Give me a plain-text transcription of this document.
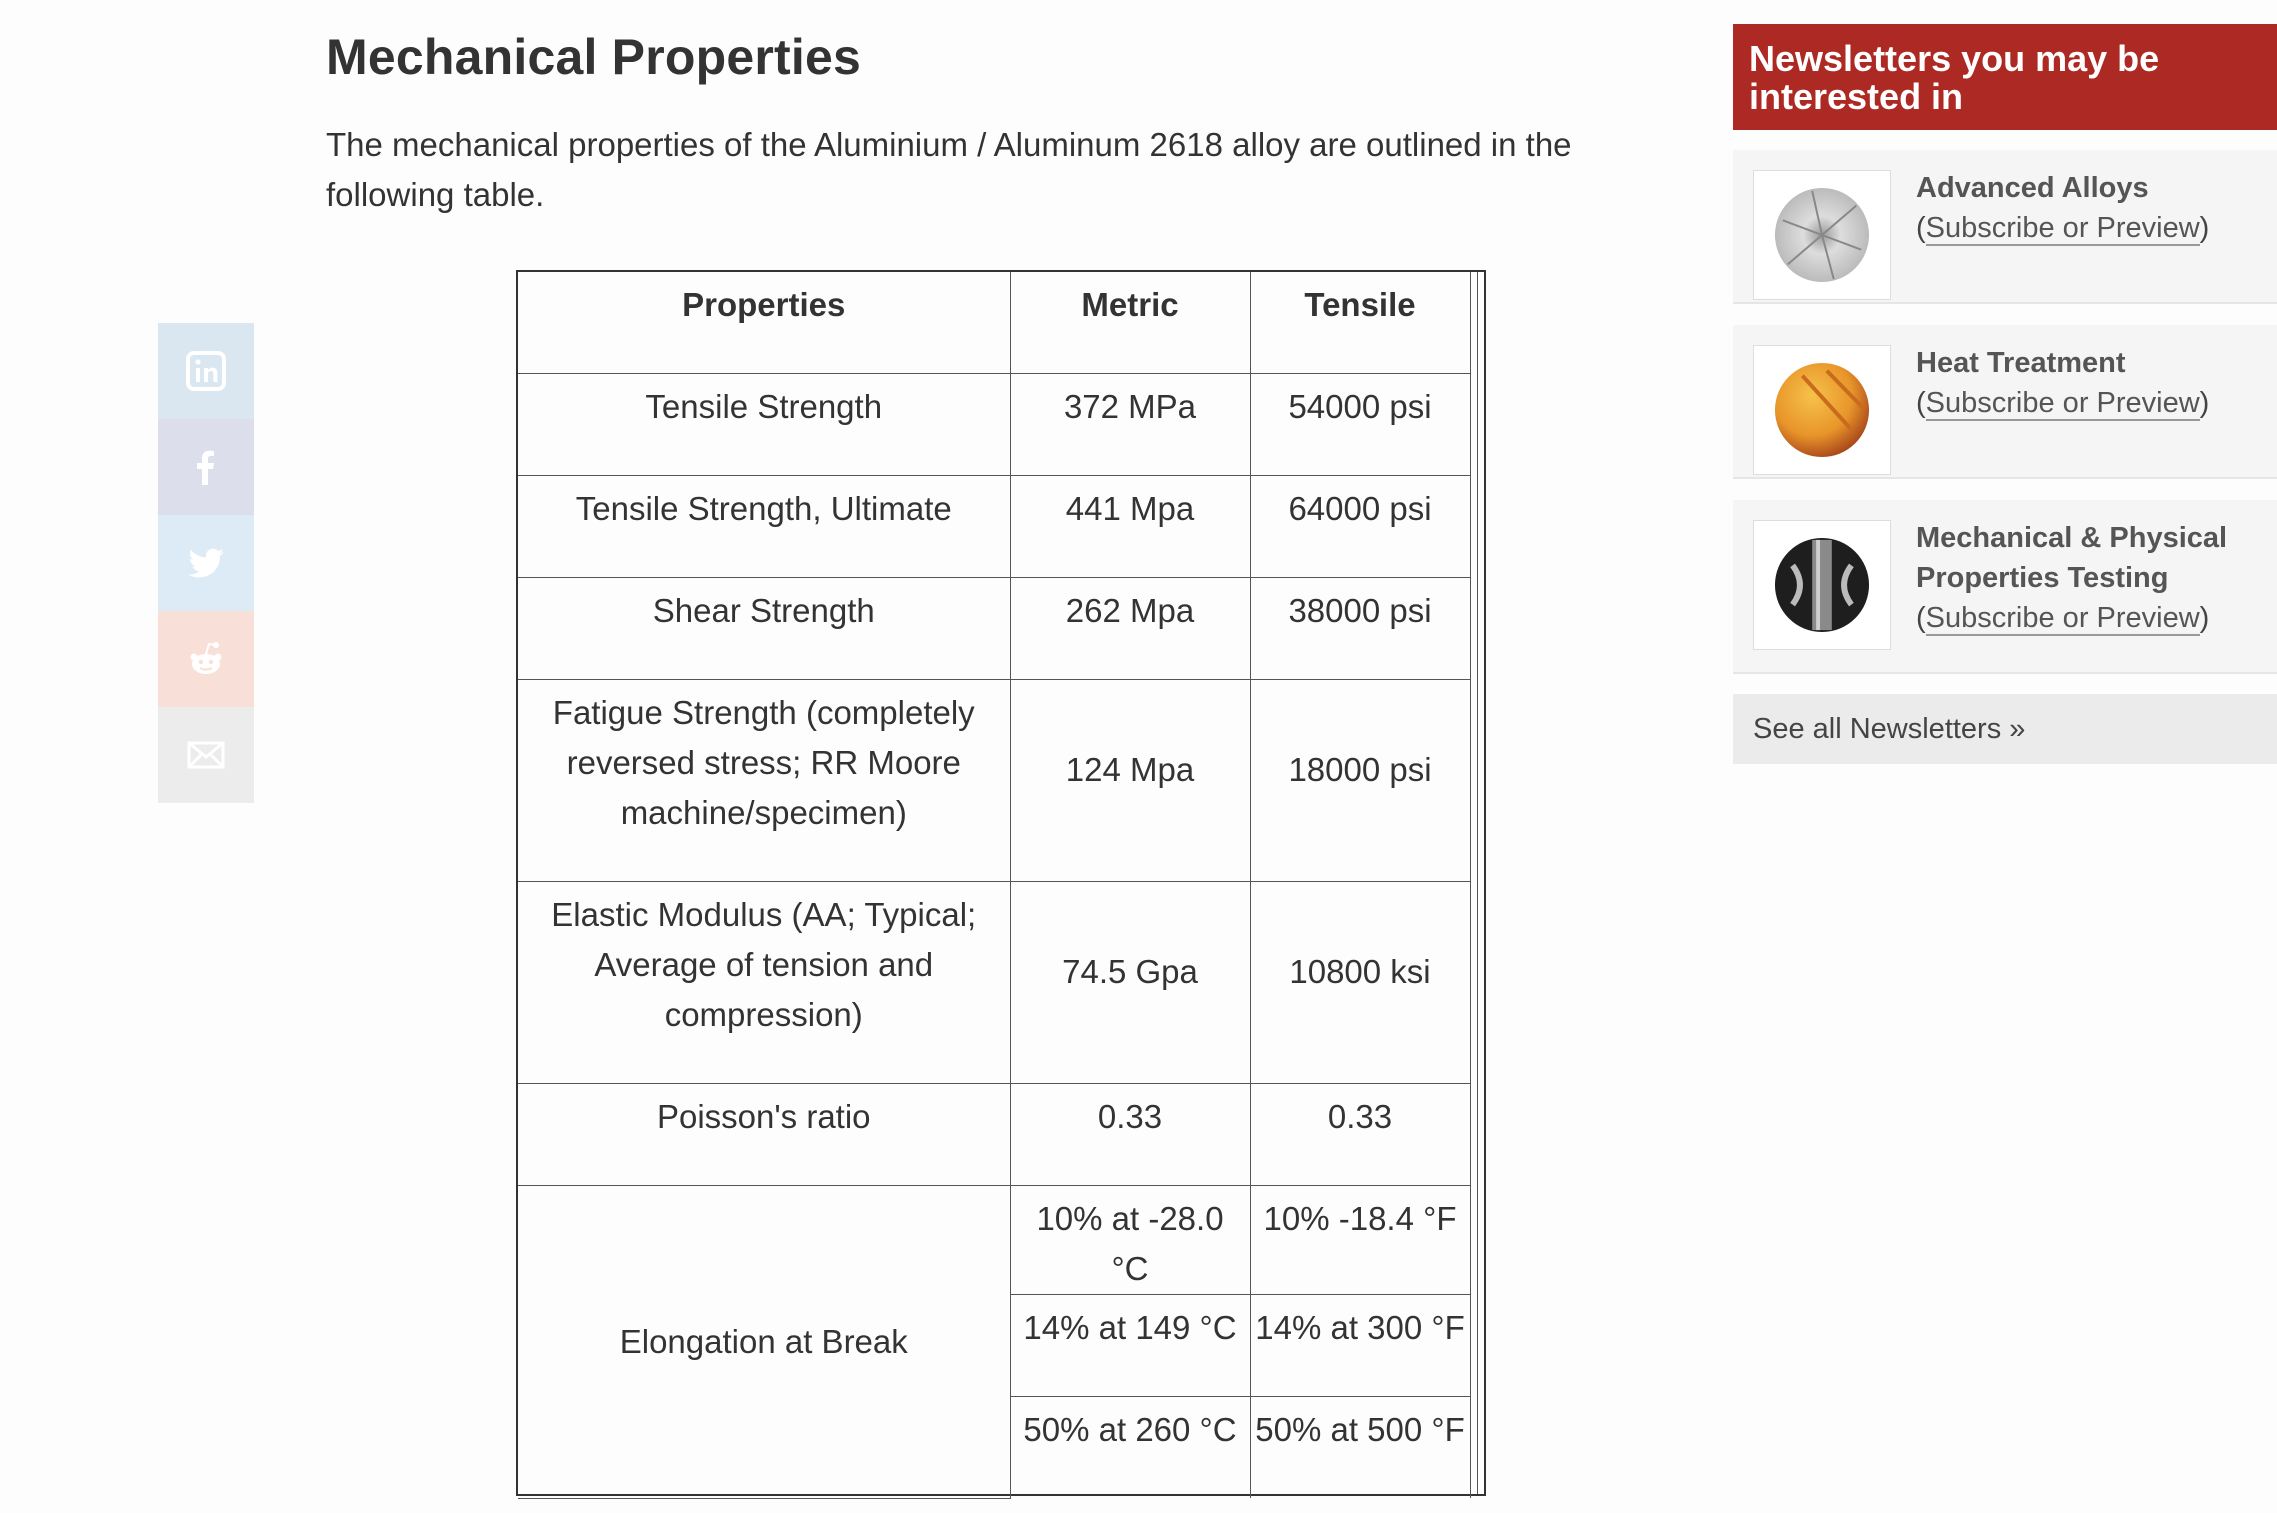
Mechanical Properties

The mechanical properties of the Aluminium / Aluminum 2618 alloy are outlined in the following table.

Properties	Metric	Tensile
Tensile Strength	372 MPa	54000 psi
Tensile Strength, Ultimate	441 Mpa	64000 psi
Shear Strength	262 Mpa	38000 psi
Fatigue Strength (completely reversed stress; RR Moore machine/specimen)	124 Mpa	18000 psi
Elastic Modulus (AA; Typical; Average of tension and compression)	74.5 Gpa	10800 ksi
Poisson's ratio	0.33	0.33
Elongation at Break	10% at -28.0 °C	10% -18.4 °F
	14% at 149 °C	14% at 300 °F
	50% at 260 °C	50% at 500 °F
Newsletters you may be interested in
Advanced Alloys
(Subscribe or Preview)
Heat Treatment
(Subscribe or Preview)
Mechanical & Physical Properties Testing
(Subscribe or Preview)
See all Newsletters »
